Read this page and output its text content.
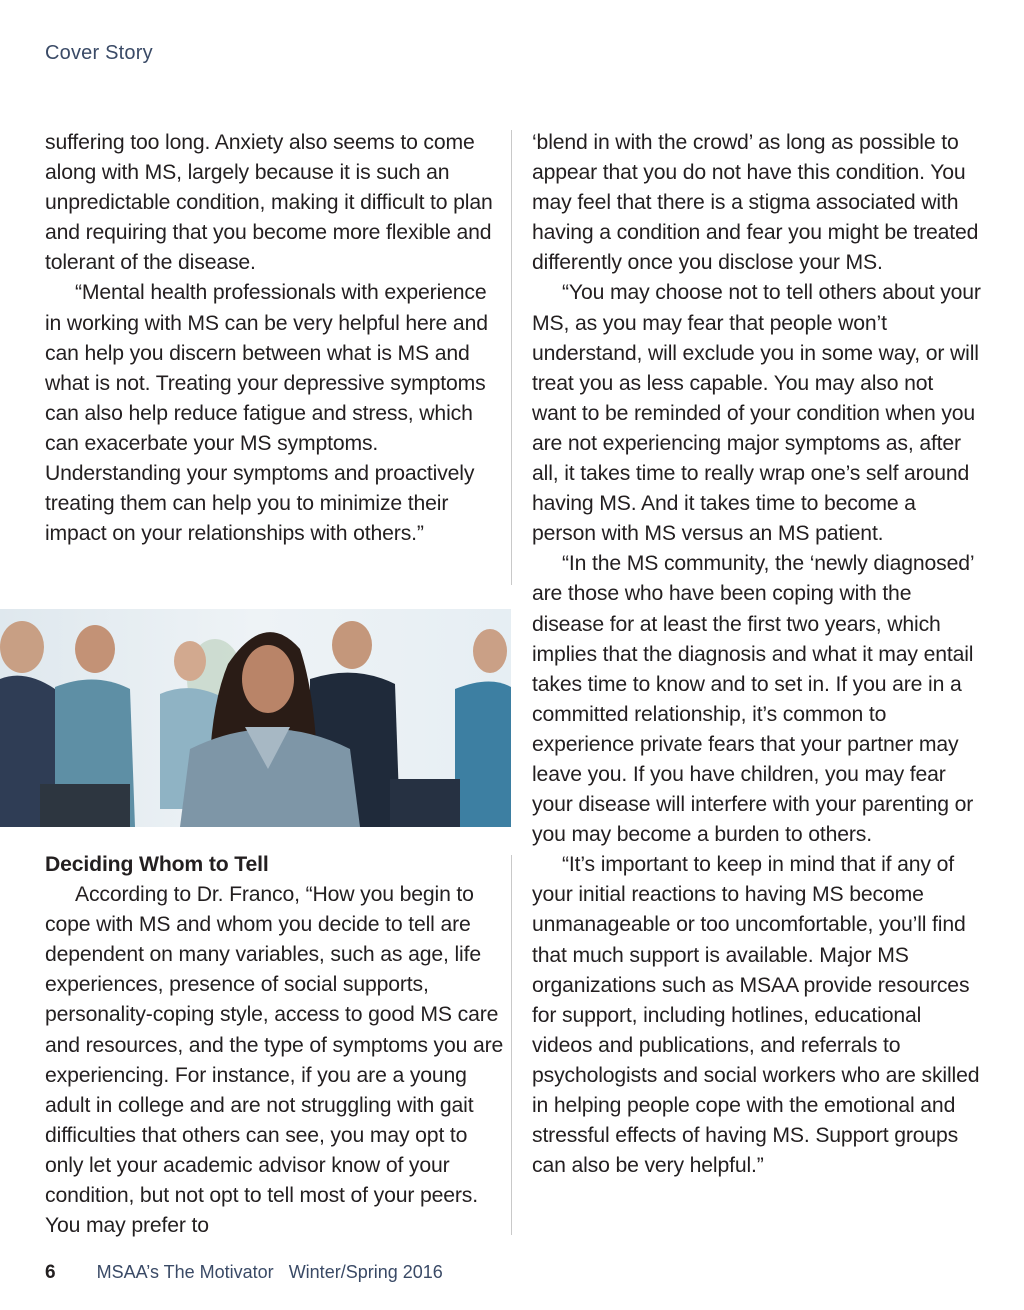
Cover Story

suffering too long. Anxiety also seems to come along with MS, largely because it is such an unpredictable condition, making it difficult to plan and requiring that you become more flexible and tolerant of the disease.

“Mental health professionals with experience in working with MS can be very helpful here and can help you discern between what is MS and what is not. Treating your depressive symptoms can also help reduce fatigue and stress, which can exacerbate your MS symptoms. Understanding your symptoms and proactively treating them can help you to minimize their impact on your relationships with others.”

Deciding Whom to Tell

According to Dr. Franco, “How you begin to cope with MS and whom you decide to tell are dependent on many variables, such as age, life experiences, presence of social supports, personality-coping style, access to good MS care and resources, and the type of symptoms you are experiencing. For instance, if you are a young adult in college and are not struggling with gait difficulties that others can see, you may opt to only let your academic advisor know of your condition, but not opt to tell most of your peers. You may prefer to

‘blend in with the crowd’ as long as possible to appear that you do not have this condition. You may feel that there is a stigma associated with having a condition and fear you might be treated differently once you disclose your MS.

“You may choose not to tell others about your MS, as you may fear that people won’t understand, will exclude you in some way, or will treat you as less capable. You may also not want to be reminded of your condition when you are not experiencing major symptoms as, after all, it takes time to really wrap one’s self around having MS. And it takes time to become a person with MS versus an MS patient.

“In the MS community, the ‘newly diagnosed’ are those who have been coping with the disease for at least the first two years, which implies that the diagnosis and what it may entail takes time to know and to set in. If you are in a committed relationship, it’s common to experience private fears that your partner may leave you. If you have children, you may fear your disease will interfere with your parenting or you may become a burden to others.

“It’s important to keep in mind that if any of your initial reactions to having MS become unmanageable or too uncomfortable, you’ll find that much support is available. Major MS organizations such as MSAA provide resources for support, including hotlines, educational videos and publications, and referrals to psychologists and social workers who are skilled in helping people cope with the emotional and stressful effects of having MS. Support groups can also be very helpful.”

6 MSAA’s The Motivator Winter/Spring 2016
